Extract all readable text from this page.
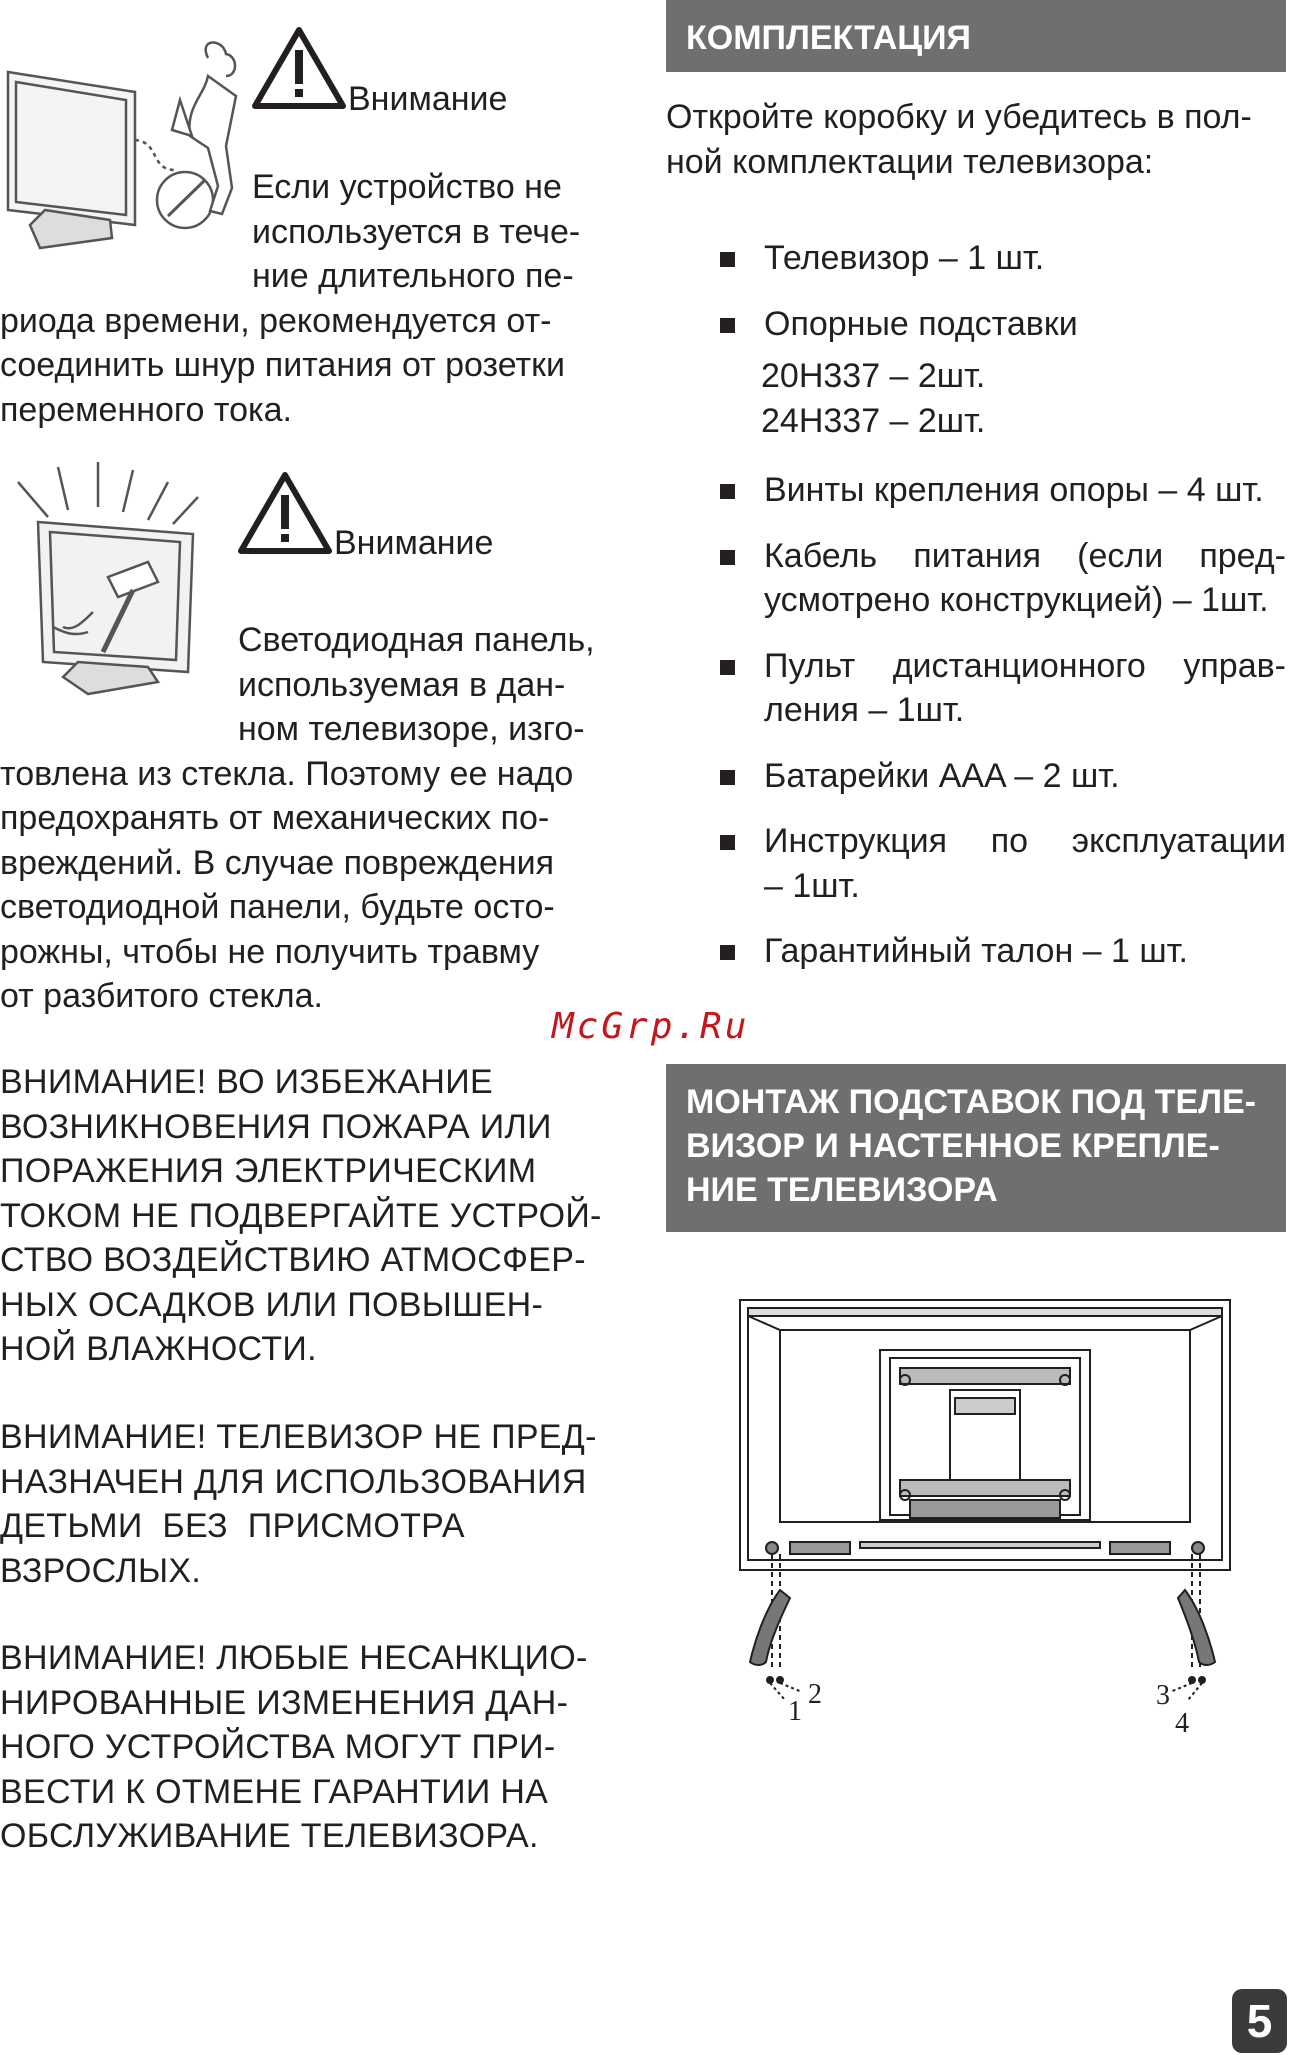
Внимание
Если устройство не
используется в тече-
ние длительного пе-
риода времени, рекомендуется от-
соединить шнур питания от розетки
переменного тока.
Внимание
Светодиодная панель,
используемая в дан-
ном телевизоре, изго-
товлена из стекла. Поэтому ее надо
предохранять от механических по-
вреждений. В случае повреждения
светодиодной панели, будьте осто-
рожны, чтобы не получить травму
от разбитого стекла.
ВНИМАНИЕ! ВО ИЗБЕЖАНИЕ
ВОЗНИКНОВЕНИЯ ПОЖАРА ИЛИ
ПОРАЖЕНИЯ ЭЛЕКТРИЧЕСКИМ
ТОКОМ НЕ ПОДВЕРГАЙТЕ УСТРОЙ-
СТВО ВОЗДЕЙСТВИЮ АТМОСФЕР-
НЫХ ОСАДКОВ ИЛИ ПОВЫШЕН-
НОЙ ВЛАЖНОСТИ.
ВНИМАНИЕ! ТЕЛЕВИЗОР НЕ ПРЕД-
НАЗНАЧЕН ДЛЯ ИСПОЛЬЗОВАНИЯ
ДЕТЬМИ БЕЗ ПРИСМОТРА
ВЗРОСЛЫХ.
ВНИМАНИЕ! ЛЮБЫЕ НЕСАНКЦИО-
НИРОВАННЫЕ ИЗМЕНЕНИЯ ДАН-
НОГО УСТРОЙСТВА МОГУТ ПРИ-
ВЕСТИ К ОТМЕНЕ ГАРАНТИИ НА
ОБСЛУЖИВАНИЕ ТЕЛЕВИЗОРА.
McGrp.Ru
КОМПЛЕКТАЦИЯ
Откройте коробку и убедитесь в пол-
ной комплектации телевизора:
Телевизор – 1 шт.
Опорные подставки
20H337 – 2шт.
24H337 – 2шт.
Винты крепления опоры – 4 шт.
Кабель питания (если пред-
усмотрено конструкцией) – 1шт.
Пульт дистанционного управ-
ления – 1шт.
Батарейки AAA – 2 шт.
Инструкция по эксплуатации
– 1шт.
Гарантийный талон – 1 шт.
МОНТАЖ ПОДСТАВОК ПОД ТЕЛЕ-
ВИЗОР И НАСТЕННОЕ КРЕПЛЕ-
НИЕ ТЕЛЕВИЗОРА
1
2	3
4
5
